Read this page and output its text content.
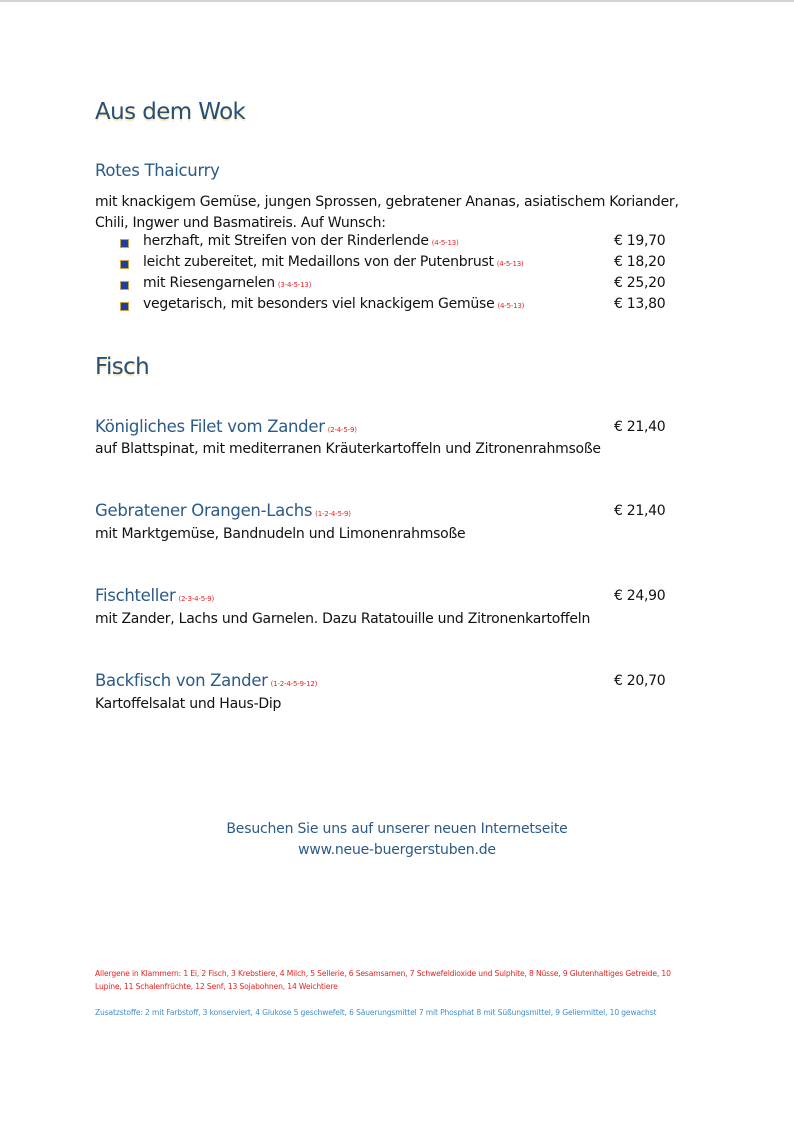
Aus dem Wok
Rotes Thaicurry
mit knackigem Gemüse, jungen Sprossen, gebratener Ananas, asiatischem Koriander,
Chili, Ingwer und Basmatireis. Auf Wunsch:
herzhaft, mit Streifen von der Rinderlende (4-5-13)	€ 19,70
leicht zubereitet, mit Medaillons von der Putenbrust (4-5-13)	€ 18,20
mit Riesengarnelen (3-4-5-13)	€ 25,20
vegetarisch, mit besonders viel knackigem Gemüse (4-5-13)	€ 13,80
Fisch
Königliches Filet vom Zander (2-4-5-9)	€ 21,40
auf Blattspinat, mit mediterranen Kräuterkartoffeln und Zitronenrahmsoße
Gebratener Orangen-Lachs (1-2-4-5-9)	€ 21,40
mit Marktgemüse, Bandnudeln und Limonenrahmsoße
Fischteller (2-3-4-5-9)	€ 24,90
mit Zander, Lachs und Garnelen. Dazu Ratatouille und Zitronenkartoffeln
Backfisch von Zander (1-2-4-5-9-12)	€ 20,70
Kartoffelsalat und Haus-Dip
Besuchen Sie uns auf unserer neuen Internetseite
www.neue-buergerstuben.de
Allergene in Klammern: 1 Ei, 2 Fisch, 3 Krebstiere, 4 Milch, 5 Sellerie, 6 Sesamsamen, 7 Schwefeldioxide und Sulphite, 8 Nüsse, 9 Glutenhaltiges Getreide, 10 Lupine, 11 Schalenfrüchte, 12 Senf, 13 Sojabohnen, 14 Weichtiere
Zusatzstoffe: 2 mit Farbstoff, 3 konserviert, 4 Glukose 5 geschwefelt, 6 Säuerungsmittel 7 mit Phosphat 8 mit Süßungsmittel, 9 Geliermittel, 10 gewachst
